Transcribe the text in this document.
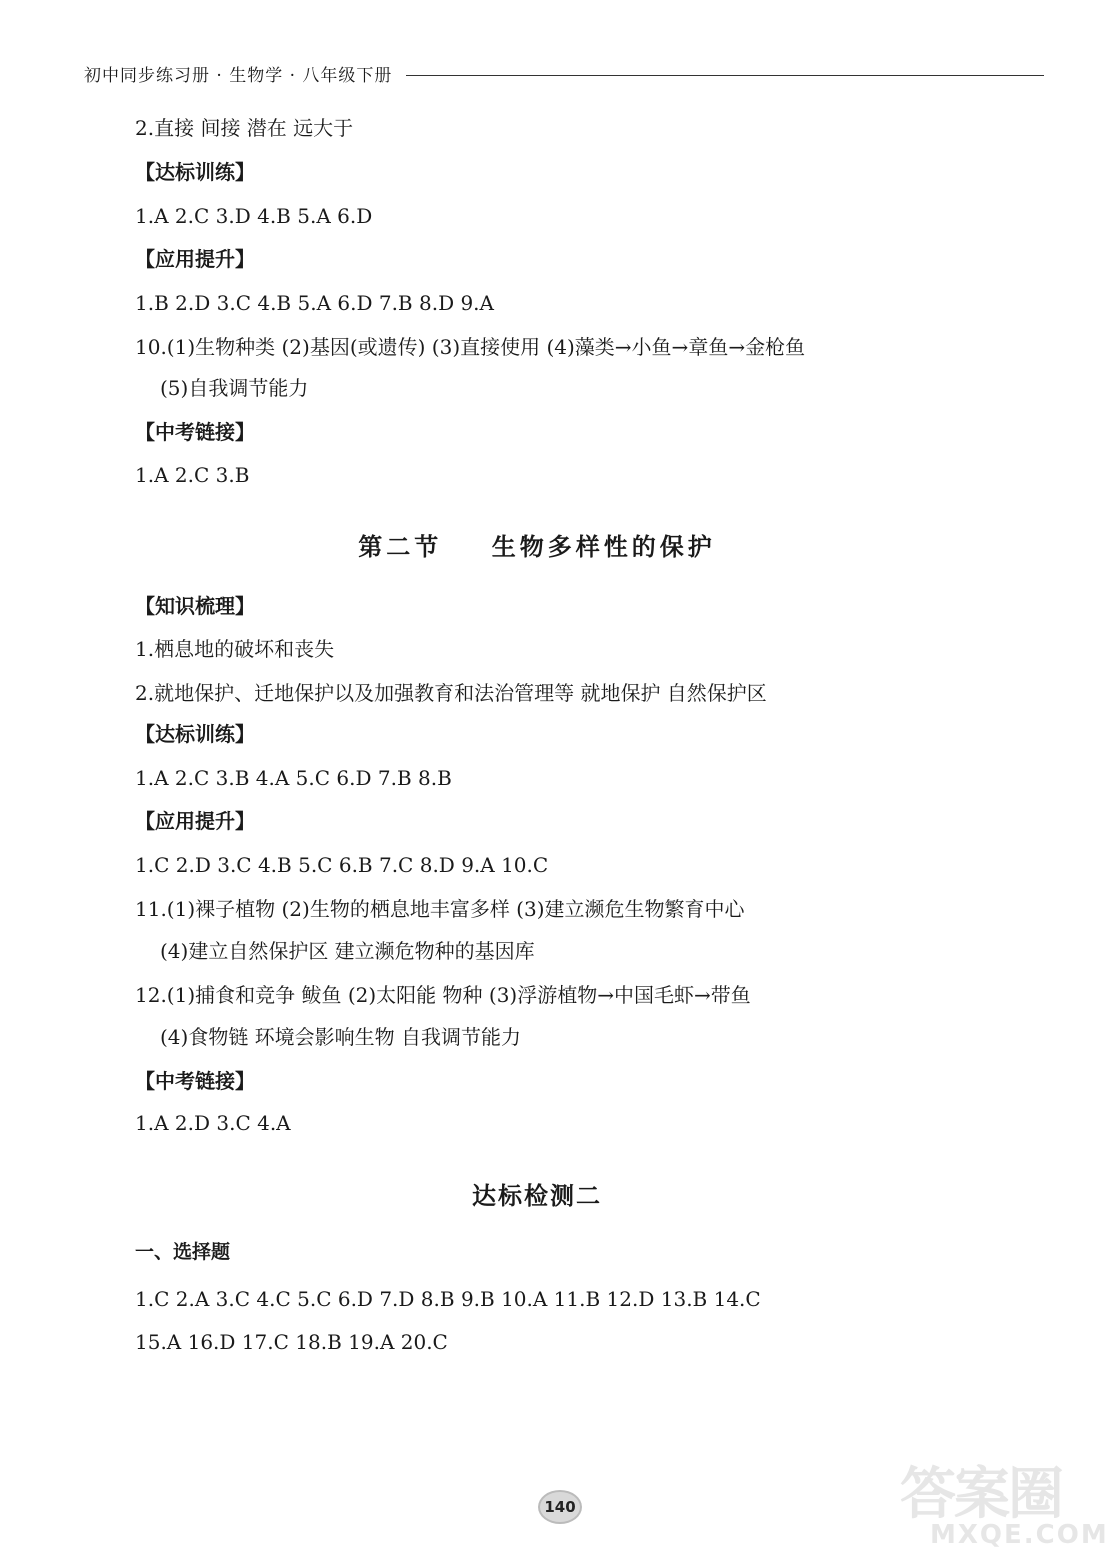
初中同步练习册 · 生物学 · 八年级下册
2.直接 间接 潜在 远大于
【达标训练】
1.A 2.C 3.D 4.B 5.A 6.D
【应用提升】
1.B 2.D 3.C 4.B 5.A 6.D 7.B 8.D 9.A
10.(1)生物种类 (2)基因(或遗传) (3)直接使用 (4)藻类→小鱼→章鱼→金枪鱼
(5)自我调节能力
【中考链接】
1.A 2.C 3.B
第二节    生物多样性的保护
【知识梳理】
1.栖息地的破坏和丧失
2.就地保护、迁地保护以及加强教育和法治管理等 就地保护 自然保护区
【达标训练】
1.A 2.C 3.B 4.A 5.C 6.D 7.B 8.B
【应用提升】
1.C 2.D 3.C 4.B 5.C 6.B 7.C 8.D 9.A 10.C
11.(1)裸子植物 (2)生物的栖息地丰富多样 (3)建立濒危生物繁育中心
(4)建立自然保护区 建立濒危物种的基因库
12.(1)捕食和竞争 鲅鱼 (2)太阳能 物种 (3)浮游植物→中国毛虾→带鱼
(4)食物链 环境会影响生物 自我调节能力
【中考链接】
1.A 2.D 3.C 4.A
达标检测二
一、选择题
1.C 2.A 3.C 4.C 5.C 6.D 7.D 8.B 9.B 10.A 11.B 12.D 13.B 14.C
15.A 16.D 17.C 18.B 19.A 20.C
140	答案圈
MXQE.COM
